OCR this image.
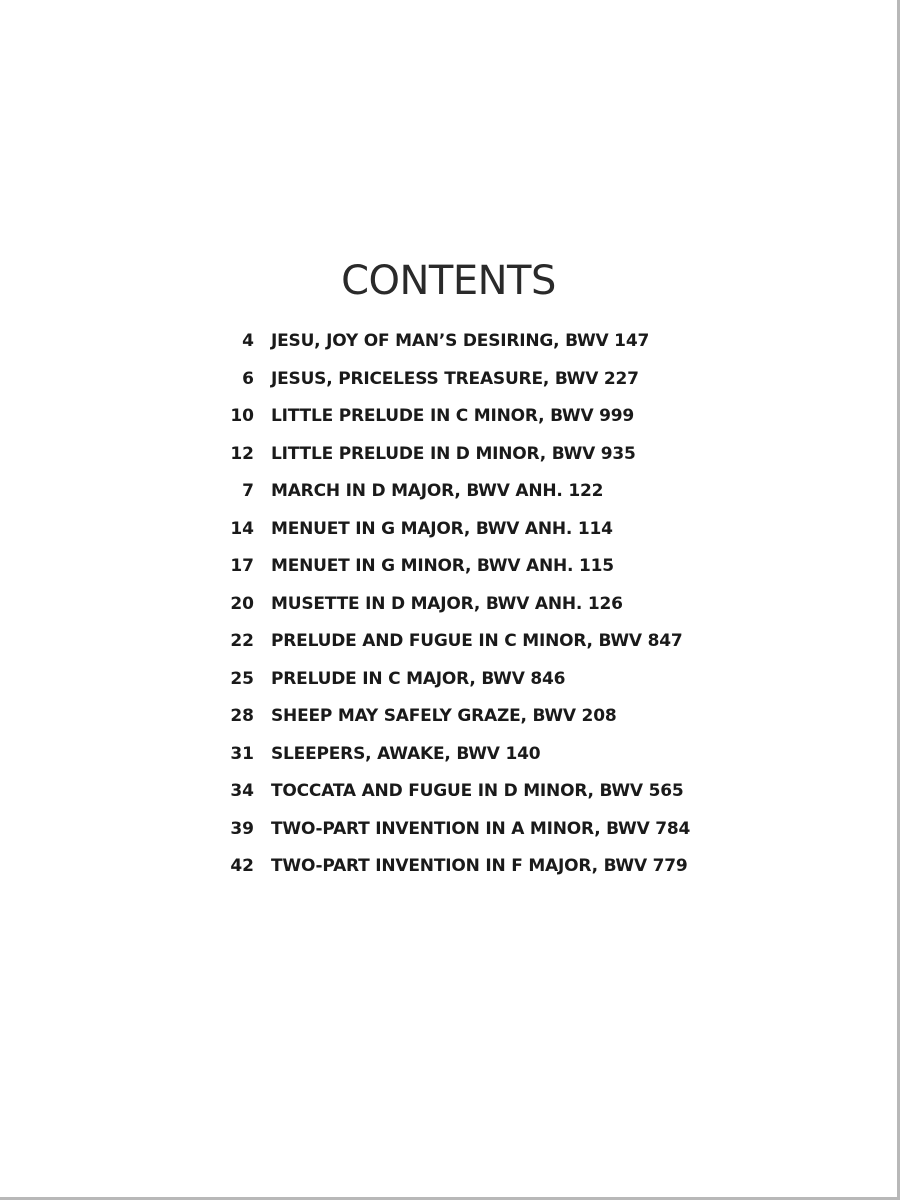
CONTENTS
4 JESU, JOY OF MAN’S DESIRING, BWV 147
6 JESUS, PRICELESS TREASURE, BWV 227
10 LITTLE PRELUDE IN C MINOR, BWV 999
12 LITTLE PRELUDE IN D MINOR, BWV 935
7 MARCH IN D MAJOR, BWV ANH. 122
14 MENUET IN G MAJOR, BWV ANH. 114
17 MENUET IN G MINOR, BWV ANH. 115
20 MUSETTE IN D MAJOR, BWV ANH. 126
22 PRELUDE AND FUGUE IN C MINOR, BWV 847
25 PRELUDE IN C MAJOR, BWV 846
28 SHEEP MAY SAFELY GRAZE, BWV 208
31 SLEEPERS, AWAKE, BWV 140
34 TOCCATA AND FUGUE IN D MINOR, BWV 565
39 TWO-PART INVENTION IN A MINOR, BWV 784
42 TWO-PART INVENTION IN F MAJOR, BWV 779
